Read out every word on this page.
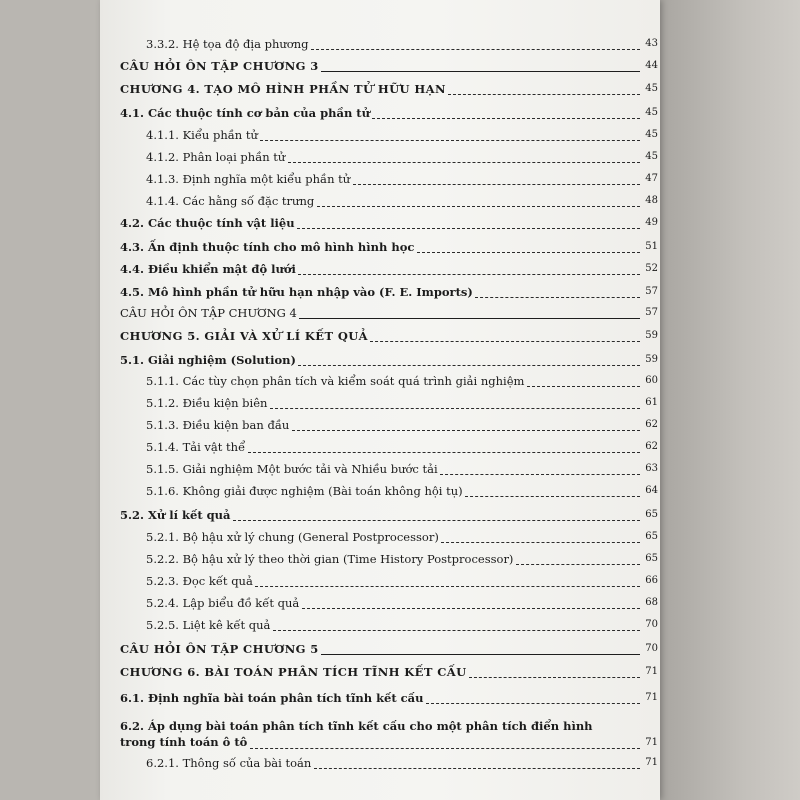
3.3.2. Hệ tọa độ địa phương	43
CÂU HỎI ÔN TẬP CHƯƠNG 3	44
CHƯƠNG 4. TẠO MÔ HÌNH PHẦN TỬ HỮU HẠN	45
4.1. Các thuộc tính cơ bản của phần tử	45
4.1.1. Kiểu phần tử	45
4.1.2. Phân loại phần tử	45
4.1.3. Định nghĩa một kiểu phần tử	47
4.1.4. Các hằng số đặc trưng	48
4.2. Các thuộc tính vật liệu	49
4.3. Ấn định thuộc tính cho mô hình hình học	51
4.4. Điều khiển mật độ lưới	52
4.5. Mô hình phần tử hữu hạn nhập vào (F. E. Imports)	57
CÂU HỎI ÔN TẬP CHƯƠNG 4	57
CHƯƠNG 5. GIẢI VÀ XỬ LÍ KẾT QUẢ	59
5.1. Giải nghiệm (Solution)	59
5.1.1. Các tùy chọn phân tích và kiểm soát quá trình giải nghiệm	60
5.1.2. Điều kiện biên	61
5.1.3. Điều kiện ban đầu	62
5.1.4. Tải vật thể	62
5.1.5. Giải nghiệm Một bước tải và Nhiều bước tải	63
5.1.6. Không giải được nghiệm (Bài toán không hội tụ)	64
5.2. Xử lí kết quả	65
5.2.1. Bộ hậu xử lý chung (General Postprocessor)	65
5.2.2. Bộ hậu xử lý theo thời gian (Time History Postprocessor)	65
5.2.3. Đọc kết quả	66
5.2.4. Lập biểu đồ kết quả	68
5.2.5. Liệt kê kết quả	70
CÂU HỎI ÔN TẬP CHƯƠNG 5	70
CHƯƠNG 6. BÀI TOÁN PHÂN TÍCH TĨNH KẾT CẤU	71
6.1. Định nghĩa bài toán phân tích tĩnh kết cấu	71
6.2. Áp dụng bài toán phân tích tĩnh kết cấu cho một phân tích điển hình trong tính toán ô tô	71
6.2.1. Thông số của bài toán	71
